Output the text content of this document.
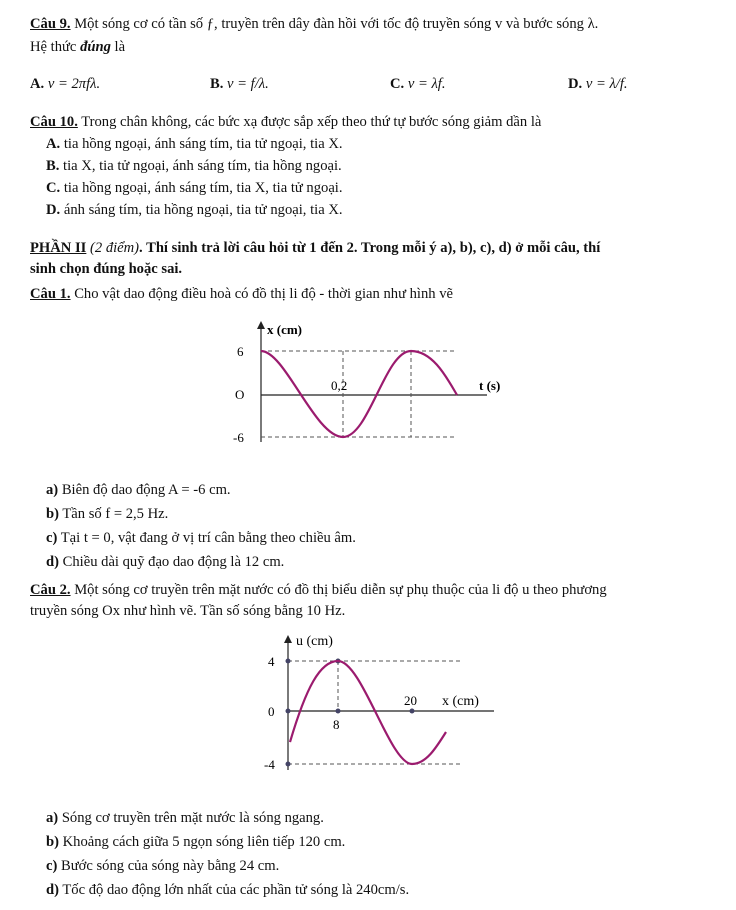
Câu 9. Một sóng cơ có tần số ƒ, truyền trên dây đàn hồi với tốc độ truyền sóng v và bước sóng λ.
Hệ thức đúng là
A. v = 2πfλ.	B. v = f/λ.	C. v = λf.	D. v = λ/f.
Câu 10. Trong chân không, các bức xạ được sắp xếp theo thứ tự bước sóng giảm dần là
A. tia hồng ngoại, ánh sáng tím, tia tử ngoại, tia X.
B. tia X, tia tử ngoại, ánh sáng tím, tia hồng ngoại.
C. tia hồng ngoại, ánh sáng tím, tia X, tia tử ngoại.
D. ánh sáng tím, tia hồng ngoại, tia tử ngoại, tia X.
PHẦN II (2 điểm). Thí sinh trả lời câu hỏi từ 1 đến 2. Trong mỗi ý a), b), c), d) ở mỗi câu, thí
sinh chọn đúng hoặc sai.
Câu 1. Cho vật dao động điều hoà có đồ thị li độ - thời gian như hình vẽ
x (cm)
6
O
-6
0,2	t (s)
a) Biên độ dao động A = -6 cm.
b) Tần số f = 2,5 Hz.
c) Tại t = 0, vật đang ở vị trí cân bằng theo chiều âm.
d) Chiều dài quỹ đạo dao động là 12 cm.
Câu 2. Một sóng cơ truyền trên mặt nước có đồ thị biểu diễn sự phụ thuộc của li độ u theo phương
truyền sóng Ox như hình vẽ. Tần số sóng bằng 10 Hz.
u (cm)
4
0
-4
8
20 x (cm)
a) Sóng cơ truyền trên mặt nước là sóng ngang.
b) Khoảng cách giữa 5 ngọn sóng liên tiếp 120 cm.
c) Bước sóng của sóng này bằng 24 cm.
d) Tốc độ dao động lớn nhất của các phần tử sóng là 240cm/s.
